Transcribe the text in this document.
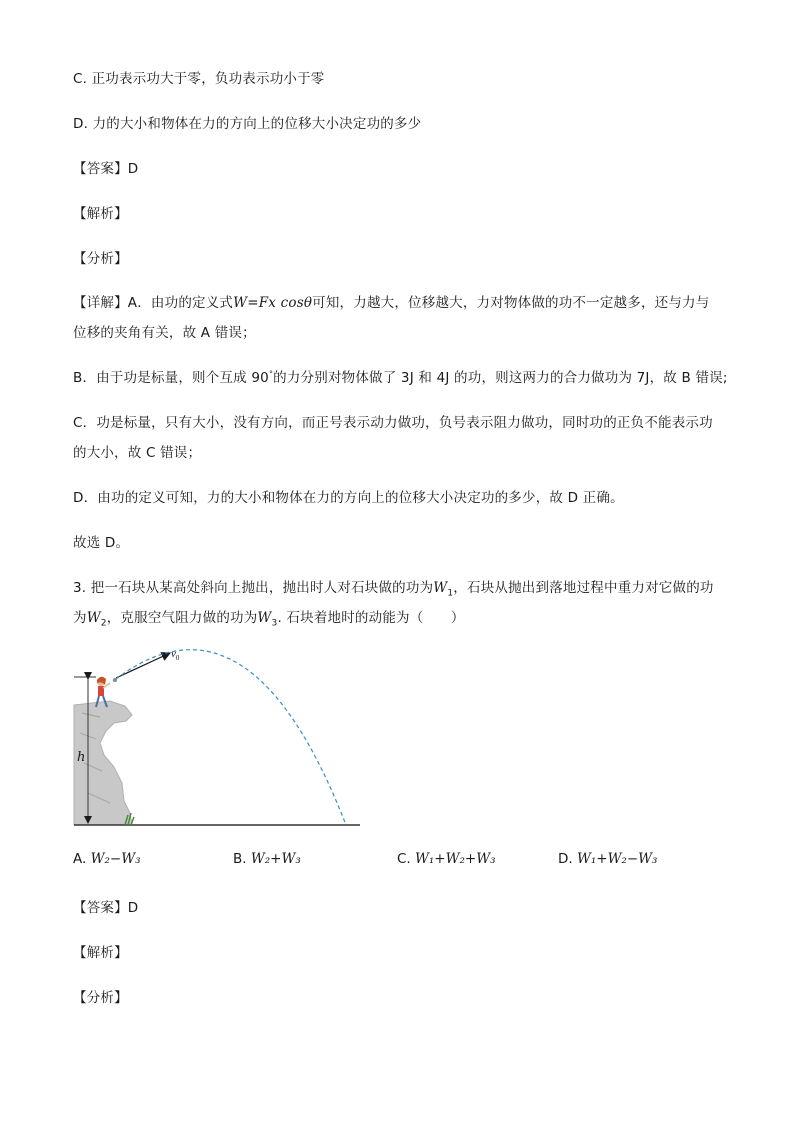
C. 正功表示功大于零，负功表示功小于零
D. 力的大小和物体在力的方向上的位移大小决定功的多少
【答案】D
【解析】
【分析】
【详解】A．由功的定义式W=Fx cosθ可知，力越大，位移越大，力对物体做的功不一定越多，还与力与
位移的夹角有关，故 A 错误；
B．由于功是标量，则个互成 90°的力分别对物体做了 3J 和 4J 的功，则这两力的合力做功为 7J，故 B 错误;
C．功是标量，只有大小，没有方向，而正号表示动力做功，负号表示阻力做功，同时功的正负不能表示功
的大小，故 C 错误；
D．由功的定义可知，力的大小和物体在力的方向上的位移大小决定功的多少，故 D 正确。
故选 D。
3. 把一石块从某高处斜向上抛出，抛出时人对石块做的功为$W_1$，石块从抛出到落地过程中重力对它做的功
为$W_2$，克服空气阻力做的功为$W_3$. 石块着地时的动能为（　　）
h
$v_0$
A. W₂−W₃	B. W₂+W₃	C. W₁+W₂+W₃	D. W₁+W₂−W₃
【答案】D
【解析】
【分析】
